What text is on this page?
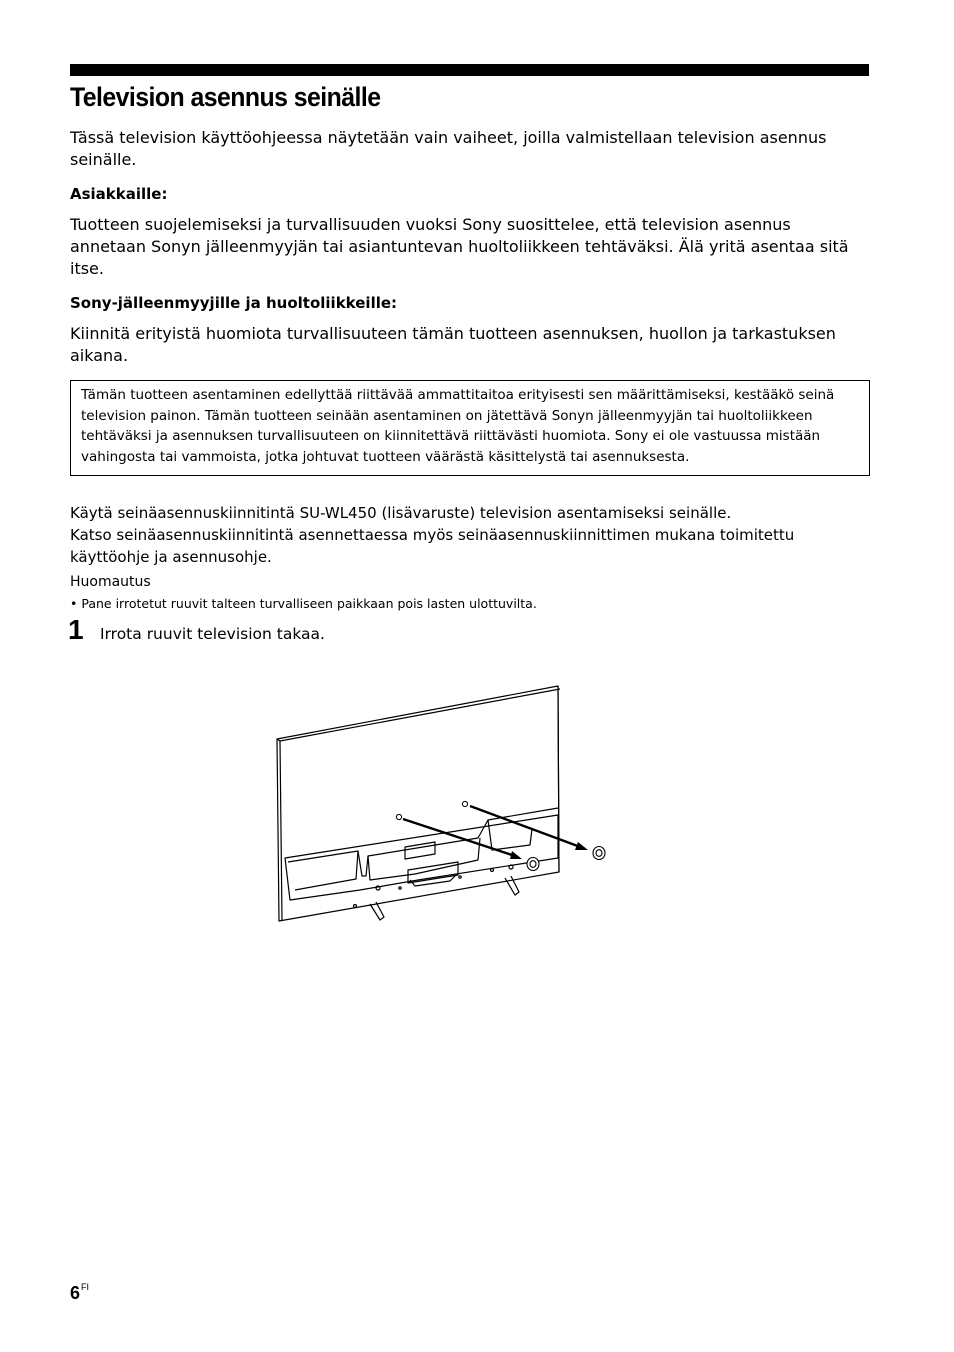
Television asennus seinälle

Tässä television käyttöohjeessa näytetään vain vaiheet, joilla valmistellaan television asennus seinälle.

Asiakkaille:

Tuotteen suojelemiseksi ja turvallisuuden vuoksi Sony suosittelee, että television asennus annetaan Sonyn jälleenmyyjän tai asiantuntevan huoltoliikkeen tehtäväksi. Älä yritä asentaa sitä itse.

Sony-jälleenmyyjille ja huoltoliikkeille:

Kiinnitä erityistä huomiota turvallisuuteen tämän tuotteen asennuksen, huollon ja tarkastuksen aikana.

Tämän tuotteen asentaminen edellyttää riittävää ammattitaitoa erityisesti sen määrittämiseksi, kestääkö seinä television painon. Tämän tuotteen seinään asentaminen on jätettävä Sonyn jälleenmyyjän tai huoltoliikkeen tehtäväksi ja asennuksen turvallisuuteen on kiinnitettävä riittävästi huomiota. Sony ei ole vastuussa mistään vahingosta tai vammoista, jotka johtuvat tuotteen väärästä käsittelystä tai asennuksesta.

Käytä seinäasennuskiinnitintä SU-WL450 (lisävaruste) television asentamiseksi seinälle.

Katso seinäasennuskiinnitintä asennettaessa myös seinäasennuskiinnittimen mukana toimitettu käyttöohje ja asennusohje.

Huomautus
• Pane irrotetut ruuvit talteen turvalliseen paikkaan pois lasten ulottuvilta.
1 Irrota ruuvit television takaa.
$6^{FI}$
